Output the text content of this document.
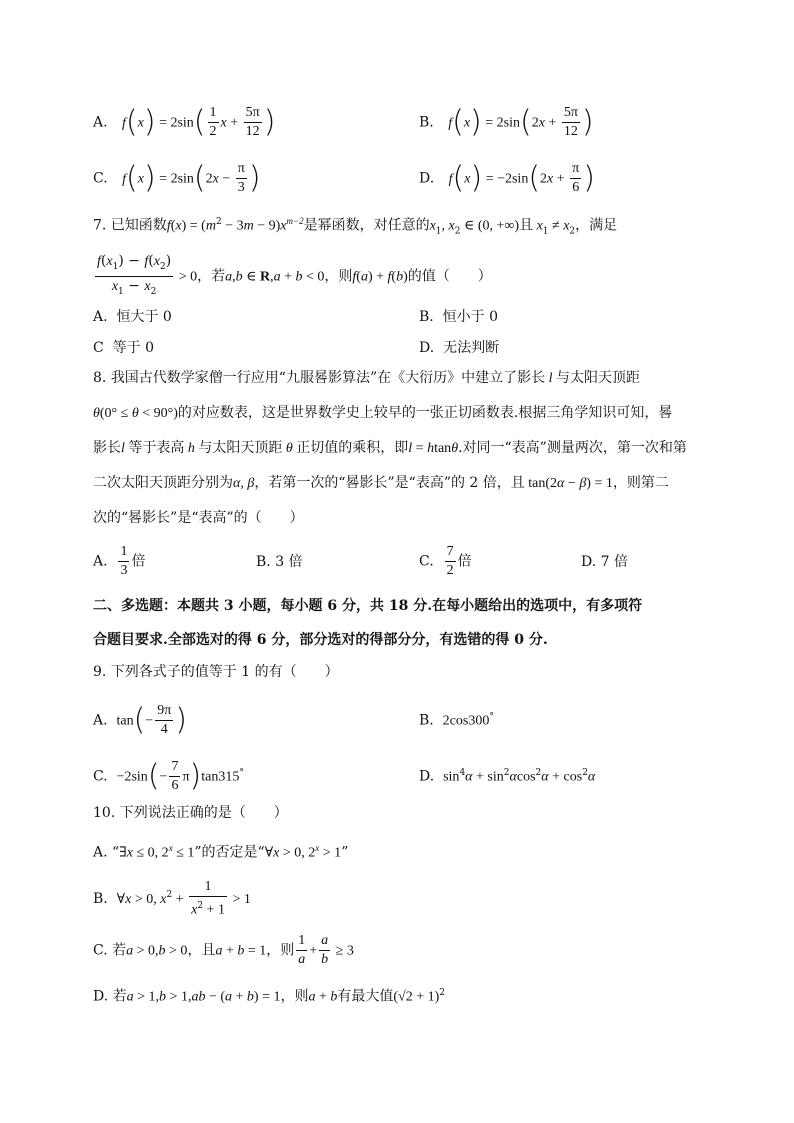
A. $f(x) = 2\sin( \frac{1}{2}$ $x + \frac{5\pi}{12}$ )	B. $f(x) = 2\sin(2x + \frac{5\pi}{12}$ )
C. $f(x) = 2\sin(2x - \frac{\pi}{3}$ )	D. $f(x) = -2\sin(2x + \frac{\pi}{6}$ )
7. 已知函数$f(x) = (m^2 - 3m - 9)x^{m-2}$是幂函数，对任意的$x_1$, $x_2$ ∈ (0, +∞)且 $x_1 \ne x_2$，满足
$\frac{f(x_1) - f(x_2)}{x_1 - x_2} > 0$，若a,b ∈ R,a + b < 0，则f(a) + f(b)的值（　　）
A. 恒大于 0	B. 恒小于 0
C 等于 0	D. 无法判断
8. 我国古代数学家僧一行应用“九服晷影算法”在《大衍历》中建立了影长 l 与太阳天顶距
θ(0° ≤ θ < 90°)的对应数表，这是世界数学史上较早的一张正切函数表.根据三角学知识可知，晷
影长l 等于表高 h 与太阳天顶距 θ 正切值的乘积，即l = htanθ.对同一“表高”测量两次，第一次和第
二次太阳天顶距分别为α, β，若第一次的“晷影长”是“表高”的 2 倍，且 tan(2α − β) = 1，则第二
次的“晷影长”是“表高”的（　　）
A. $\frac{1}{3}$ 倍	B. 3 倍	C. $\frac{7}{2}$ 倍	D. 7 倍
二、多选题：本题共 3 小题，每小题 6 分，共 18 分.在每小题给出的选项中，有多项符
合题目要求.全部选对的得 6 分，部分选对的得部分分，有选错的得 0 分.
9. 下列各式子的值等于 1 的有（　　）
A. $\tan(- \frac{9\pi}{4}$ )	B. 2cos300°
C. $-2\sin(- \frac{7}{6} \pi)\tan 315^\circ$	D. $\sin^4\alpha + \sin^2\alpha\cos^2\alpha + \cos^2\alpha$
10. 下列说法正确的是（　　）
A. “∃x ≤ 0, $2^x \le 1$”的否定是“∀x > 0, $2^x > 1$”
B. ∀x > 0, $x^2 + \frac{1}{x^2 + 1} > 1$
C. 若a > 0,b > 0，且a + b = 1，则 $\frac{1}{a} + \frac{a}{b} \ge 3$
D. 若a > 1,b > 1,ab − (a + b) = 1，则a + b有最大值$(√2 + 1)^2$
